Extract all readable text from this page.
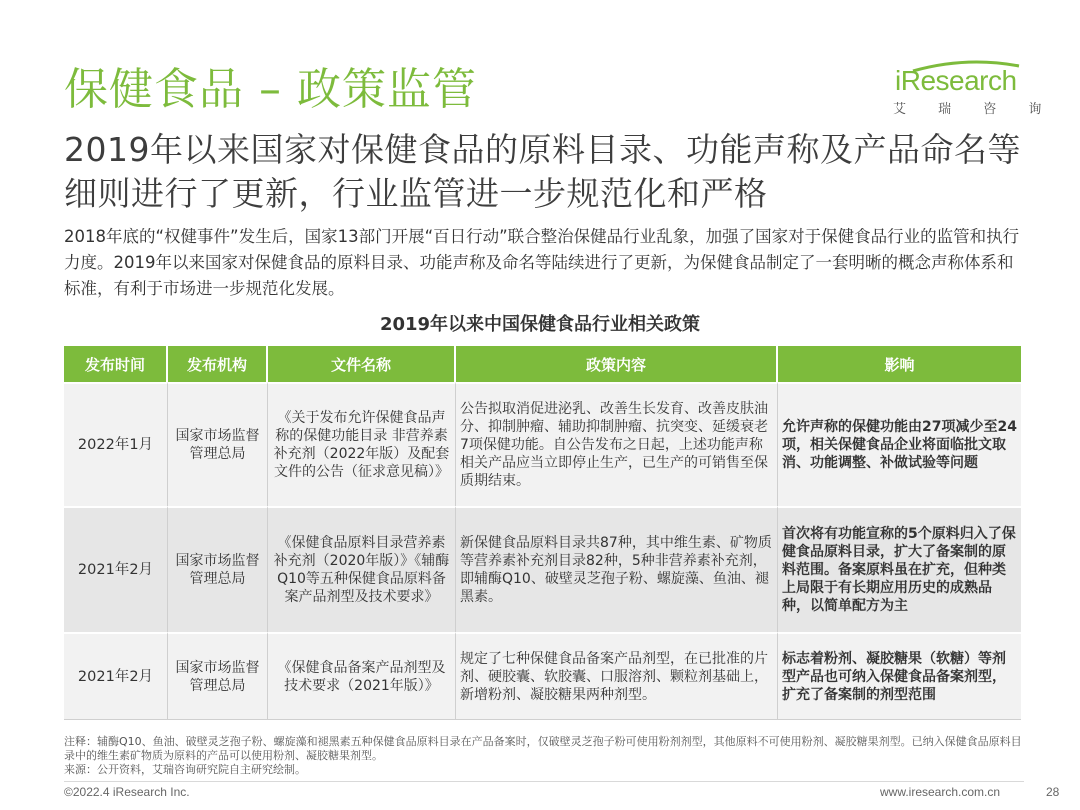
保健食品 – 政策监管	iResearch
艾 瑞 咨 询
2019年以来国家对保健食品的原料目录、功能声称及产品命名等细则进行了更新，行业监管进一步规范化和严格
2018年底的“权健事件”发生后，国家13部门开展“百日行动”联合整治保健品行业乱象，加强了国家对于保健食品行业的监管和执行力度。2019年以来国家对保健食品的原料目录、功能声称及命名等陆续进行了更新，为保健食品制定了一套明晰的概念声称体系和标准，有利于市场进一步规范化发展。
2019年以来中国保健食品行业相关政策
发布时间	发布机构	文件名称	政策内容	影响
2022年1月	国家市场监督管理总局	《关于发布允许保健食品声称的保健功能目录 非营养素补充剂（2022年版）及配套文件的公告（征求意见稿）》	公告拟取消促进泌乳、改善生长发育、改善皮肤油分、抑制肿瘤、辅助抑制肿瘤、抗突变、延缓衰老7项保健功能。自公告发布之日起，上述功能声称相关产品应当立即停止生产，已生产的可销售至保质期结束。	允许声称的保健功能由27项减少至24项，相关保健食品企业将面临批文取消、功能调整、补做试验等问题
2021年2月	国家市场监督管理总局	《保健食品原料目录营养素补充剂（2020年版）》《辅酶Q10等五种保健食品原料备案产品剂型及技术要求》	新保健食品原料目录共87种，其中维生素、矿物质等营养素补充剂目录82种，5种非营养素补充剂，即辅酶Q10、破壁灵芝孢子粉、螺旋藻、鱼油、褪黑素。	首次将有功能宣称的5个原料归入了保健食品原料目录，扩大了备案制的原料范围。备案原料虽在扩充，但种类上局限于有长期应用历史的成熟品种，以简单配方为主
2021年2月	国家市场监督管理总局	《保健食品备案产品剂型及技术要求（2021年版）》	规定了七种保健食品备案产品剂型，在已批准的片剂、硬胶囊、软胶囊、口服溶剂、颗粒剂基础上，新增粉剂、凝胶糖果两种剂型。	标志着粉剂、凝胶糖果（软糖）等剂型产品也可纳入保健食品备案剂型，扩充了备案制的剂型范围
注释：辅酶Q10、鱼油、破壁灵芝孢子粉、螺旋藻和褪黑素五种保健食品原料目录在产品备案时，仅破壁灵芝孢子粉可使用粉剂剂型，其他原料不可使用粉剂、凝胶糖果剂型。已纳入保健食品原料目录中的维生素矿物质为原料的产品可以使用粉剂、凝胶糖果剂型。
来源：公开资料，艾瑞咨询研究院自主研究绘制。
©2022.4 iResearch Inc.	www.iresearch.com.cn	28
